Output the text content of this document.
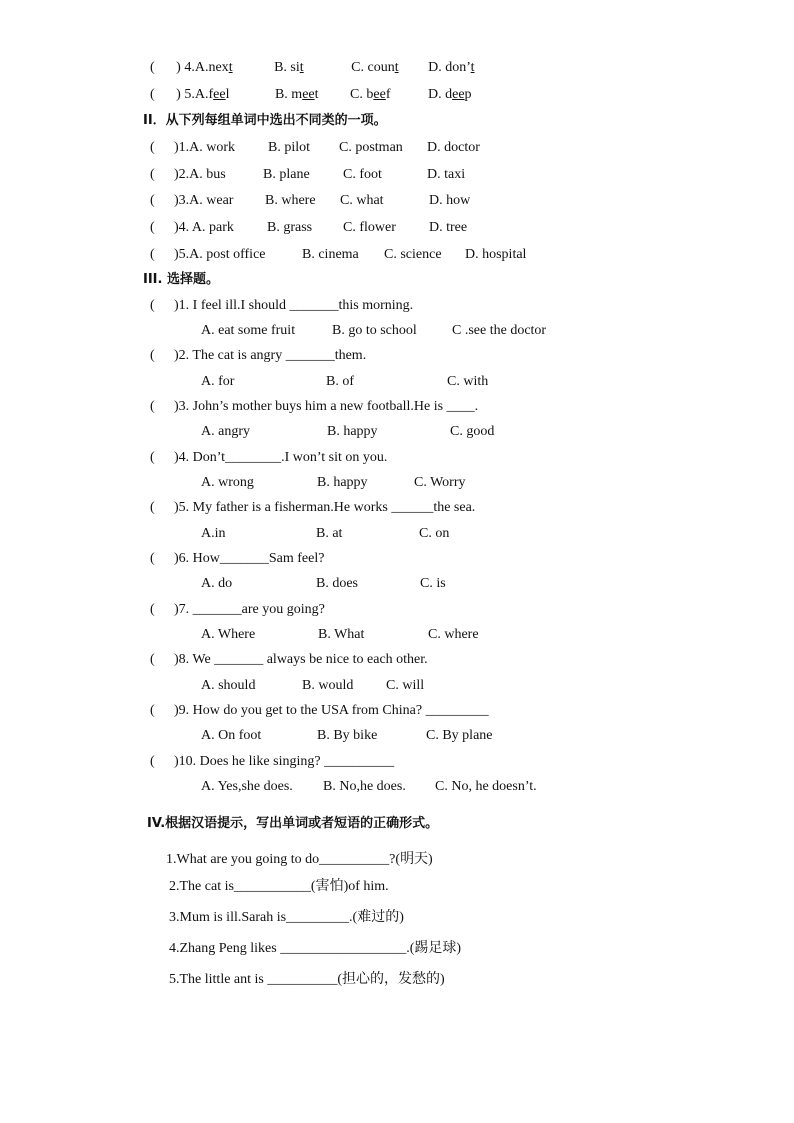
( ) 4.A.next	B. sit	C. count D. don’t
( ) 5.A.feel	B. meet C. beef	D. deep
II．从下列每组单词中选出不同类的一项。
( )1.A. work B. pilot C. postman D. doctor
( )2.A. bus	B. plane C. foot	D. taxi
( )3.A. wear B. where C. what	D. how
( )4. A. park B. grass C. flower D. tree
( )5.A. post office	B. cinema C. science D. hospital
III. 选择题。
( )1. I feel ill.I should _______this morning.
A. eat some fruit	B. go to school	C .see the doctor
( )2. The cat is angry _______them.
A. for	B. of	C. with
( )3. John’s mother buys him a new football.He is ____.
A. angry	B. happy	C. good
( )4. Don’t________.I won’t sit on you.
A. wrong	B. happy	C. Worry
( )5. My father is a fisherman.He works ______the sea.
A.in	B. at	C. on
( )6. How_______Sam feel?
A. do	B. does	C. is
( )7. _______are you going?
A. Where	B. What	C. where
( )8. We _______ always be nice to each other.
A. should	B. would C. will
( )9. How do you get to the USA from China? _________
A. On foot	B. By bike	C. By plane
( )10. Does he like singing? __________
A. Yes,she does. B. No,he does. C. No, he doesn’t.
IV.根据汉语提示，写出单词或者短语的正确形式。
1.What are you going to do__________?(明天)
2.The cat is___________(害怕)of him.
3.Mum is ill.Sarah is_________.(难过的)
4.Zhang Peng likes __________________.(踢足球)
5.The little ant is __________(担心的，发愁的)
